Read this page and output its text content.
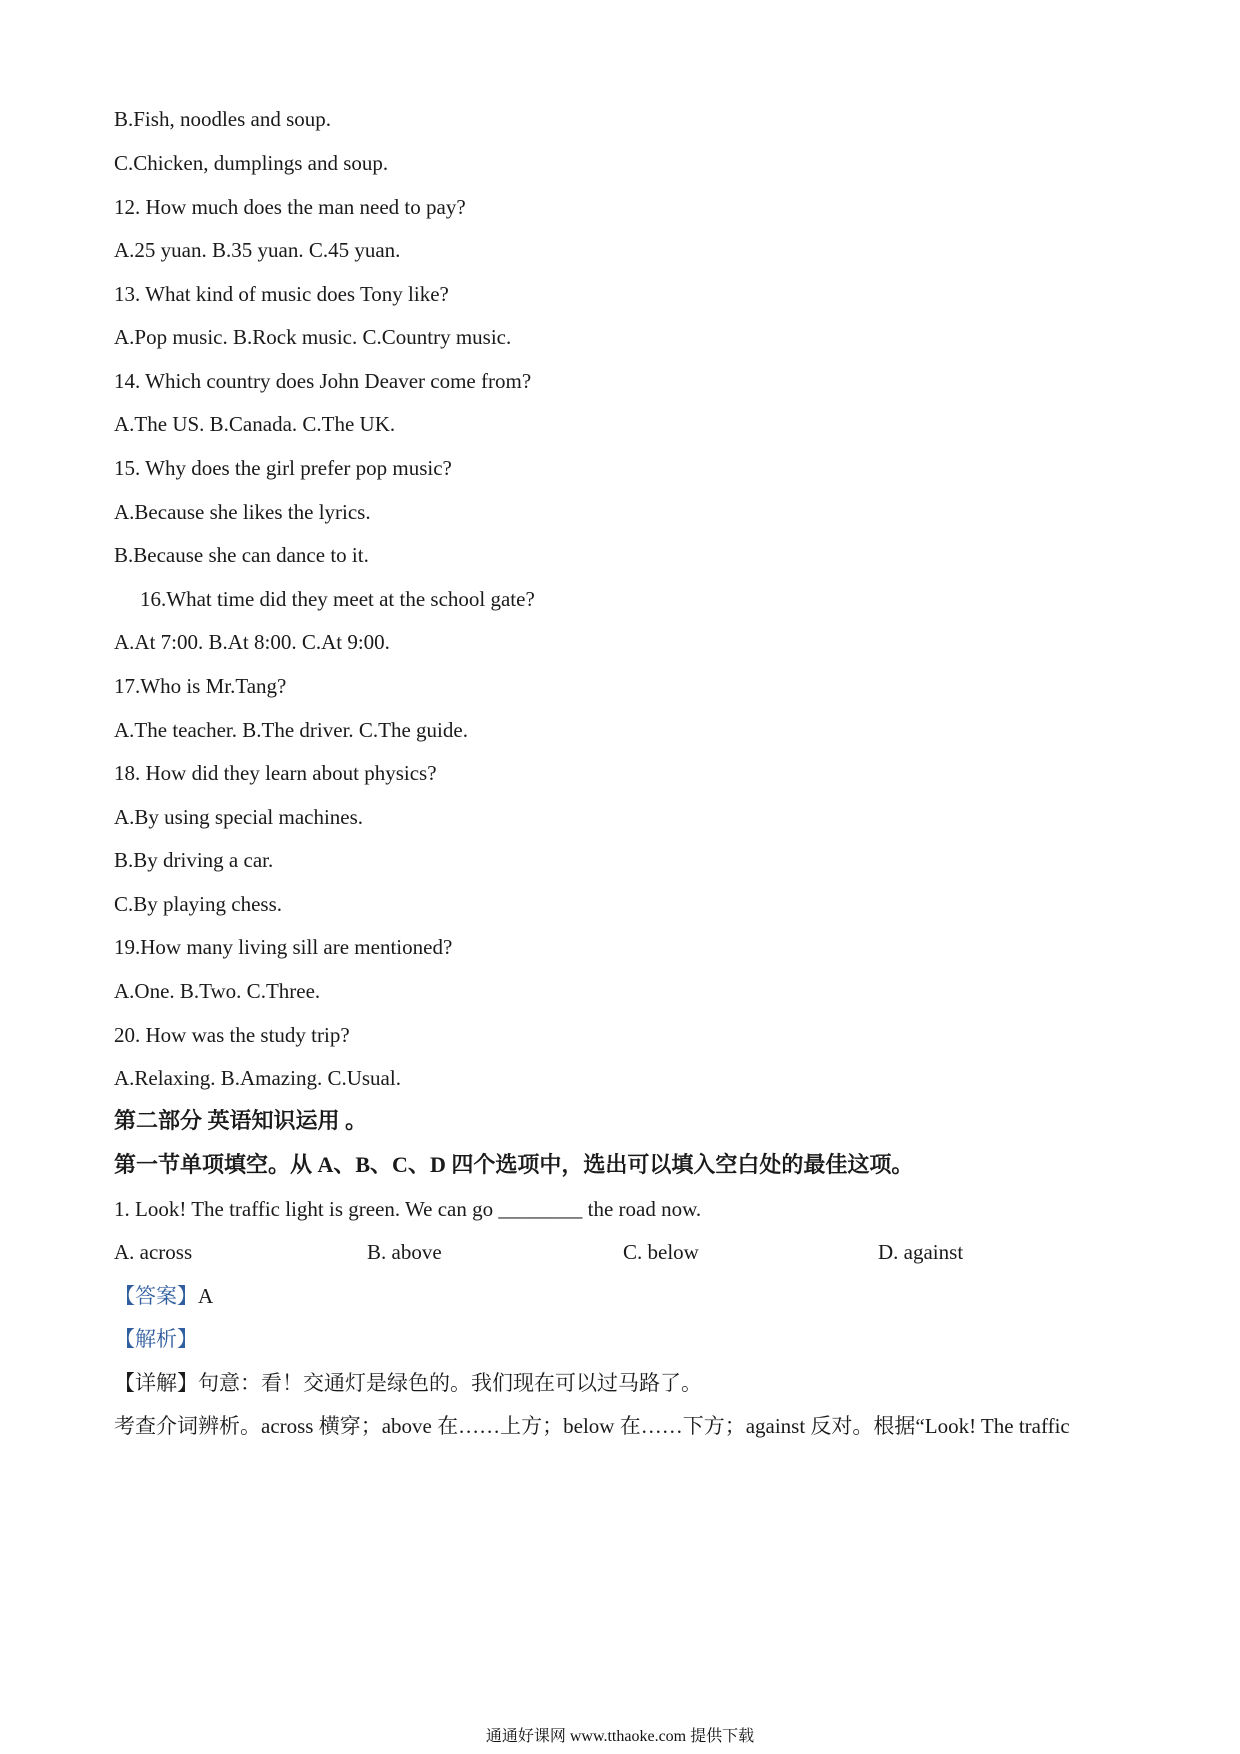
B.Fish, noodles and soup.
C.Chicken, dumplings and soup.
12. How much does the man need to pay?
A.25 yuan. B.35 yuan. C.45 yuan.
13. What kind of music does Tony like?
A.Pop music. B.Rock music. C.Country music.
14. Which country does John Deaver come from?
A.The US. B.Canada. C.The UK.
15. Why does the girl prefer pop music?
A.Because she likes the lyrics.
B.Because she can dance to it.
16.What time did they meet at the school gate?
A.At 7:00. B.At 8:00. C.At 9:00.
17.Who is Mr.Tang?
A.The teacher. B.The driver. C.The guide.
18. How did they learn about physics?
A.By using special machines.
B.By driving a car.
C.By playing chess.
19.How many living sill are mentioned?
A.One. B.Two. C.Three.
20. How was the study trip?
A.Relaxing. B.Amazing. C.Usual.
第二部分 英语知识运用 。
第一节单项填空。从 A、B、C、D 四个选项中，选出可以填入空白处的最佳这项。
1. Look! The traffic light is green. We can go ________ the road now.
A. across	B. above	C. below	D. against
【答案】A
【解析】
【详解】句意：看！交通灯是绿色的。我们现在可以过马路了。
考查介词辨析。across 横穿；above 在……上方；below 在……下方；against 反对。根据“Look! The traffic
通通好课网 www.tthaoke.com 提供下载
